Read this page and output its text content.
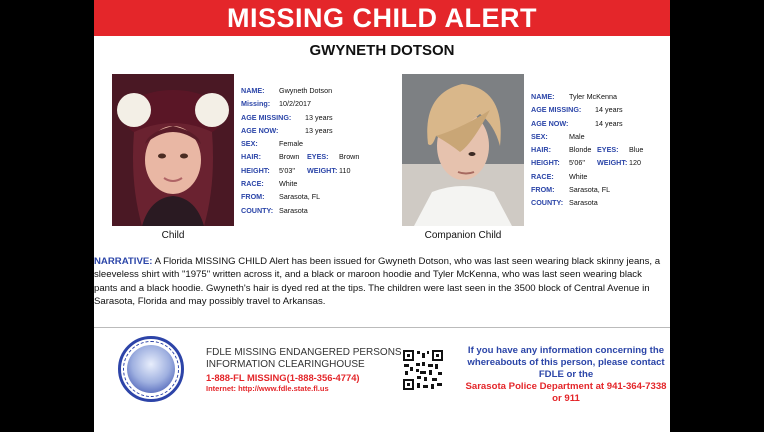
MISSING CHILD ALERT
GWYNETH DOTSON
Child
NAME: Gwyneth Dotson
Missing: 10/2/2017
AGE MISSING: 13 years
AGE NOW:	13 years
SEX:	Female
HAIR:	Brown EYES: Brown
HEIGHT: 5'03" WEIGHT: 110
RACE: White
FROM: Sarasota, FL
COUNTY: Sarasota
Companion Child
NAME: Tyler McKenna
AGE MISSING: 14 years
AGE NOW:	14 years
SEX:	Male
HAIR:	Blonde EYES: Blue
HEIGHT: 5'06" WEIGHT: 120
RACE: White
FROM: Sarasota, FL
COUNTY: Sarasota
NARRATIVE: A Florida MISSING CHILD Alert has been issued for Gwyneth Dotson, who was last seen wearing black skinny jeans, a sleeveless shirt with "1975" written across it, and a black or maroon hoodie and Tyler McKenna, who was last seen wearing black pants and a black hoodie. Gwyneth's hair is dyed red at the tips. The children were last seen in the 3500 block of Central Avenue in Sarasota, Florida and may possibly travel to Arkansas.
FDLE MISSING ENDANGERED PERSONS
INFORMATION CLEARINGHOUSE
1-888-FL MISSING(1-888-356-4774)
Internet: http://www.fdle.state.fl.us
If you have any information concerning the whereabouts of this person, please contact FDLE or the
Sarasota Police Department at 941-364-7338 or 911
